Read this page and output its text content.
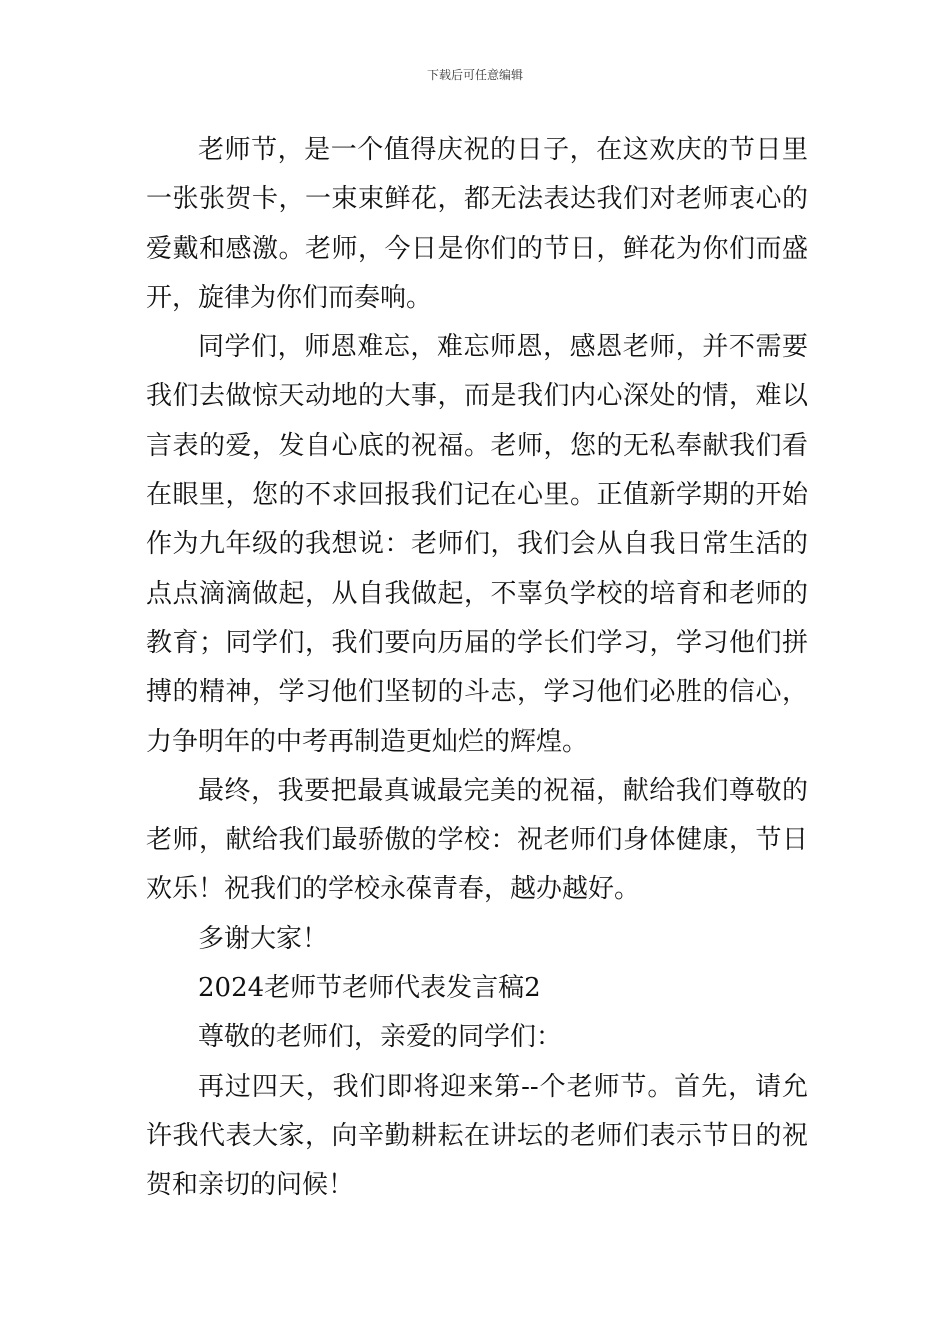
下载后可任意编辑
老师节，是一个值得庆祝的日子，在这欢庆的节日里
一张张贺卡，一束束鲜花，都无法表达我们对老师衷心的
爱戴和感激。老师，今日是你们的节日，鲜花为你们而盛
开，旋律为你们而奏响。
同学们，师恩难忘，难忘师恩，感恩老师，并不需要
我们去做惊天动地的大事，而是我们内心深处的情，难以
言表的爱，发自心底的祝福。老师，您的无私奉献我们看
在眼里，您的不求回报我们记在心里。正值新学期的开始
作为九年级的我想说：老师们，我们会从自我日常生活的
点点滴滴做起，从自我做起，不辜负学校的培育和老师的
教育；同学们，我们要向历届的学长们学习，学习他们拼
搏的精神，学习他们坚韧的斗志，学习他们必胜的信心，
力争明年的中考再制造更灿烂的辉煌。
最终，我要把最真诚最完美的祝福，献给我们尊敬的
老师，献给我们最骄傲的学校：祝老师们身体健康，节日
欢乐！祝我们的学校永葆青春，越办越好。
多谢大家！
2024老师节老师代表发言稿2
尊敬的老师们，亲爱的同学们：
再过四天，我们即将迎来第--个老师节。首先，请允
许我代表大家，向辛勤耕耘在讲坛的老师们表示节日的祝
贺和亲切的问候！
